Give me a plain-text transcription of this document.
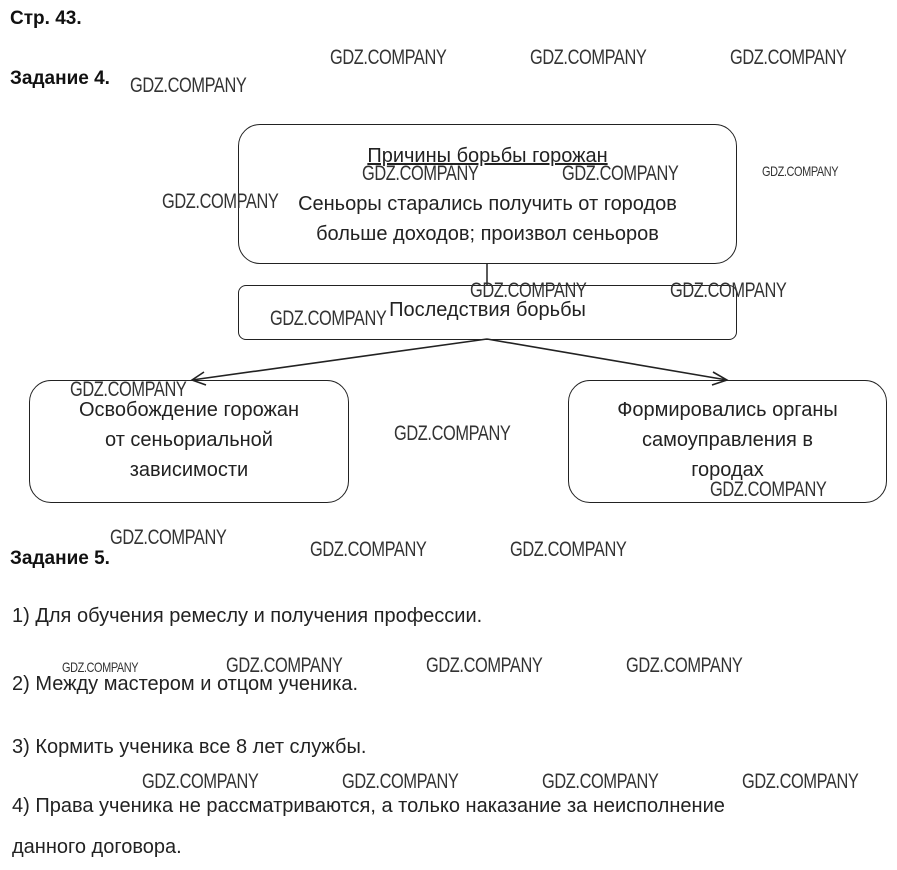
Стр. 43.
Задание 4.
Причины борьбы горожан
Сеньоры старались получить от городов
больше доходов; произвол сеньоров
Последствия борьбы
Освобождение горожан
от сеньориальной
зависимости
Формировались органы
самоуправления в
городах
Задание 5.
1) Для обучения ремеслу и получения профессии.
2) Между мастером и отцом ученика.
3) Кормить ученика все 8 лет службы.
4) Права ученика не рассматриваются, а только наказание за неисполнение
данного договора.
GDZ.COMPANY	GDZ.COMPANY	GDZ.COMPANY
GDZ.COMPANY
GDZ.COMPANY	GDZ.COMPANY	GDZ.COMPANY
GDZ.COMPANY
GDZ.COMPANY	GDZ.COMPANY
GDZ.COMPANY
GDZ.COMPANY
GDZ.COMPANY
GDZ.COMPANY
GDZ.COMPANY
GDZ.COMPANY	GDZ.COMPANY
GDZ.COMPANY	GDZ.COMPANY	GDZ.COMPANY	GDZ.COMPANY
GDZ.COMPANY	GDZ.COMPANY	GDZ.COMPANY	GDZ.COMPANY
